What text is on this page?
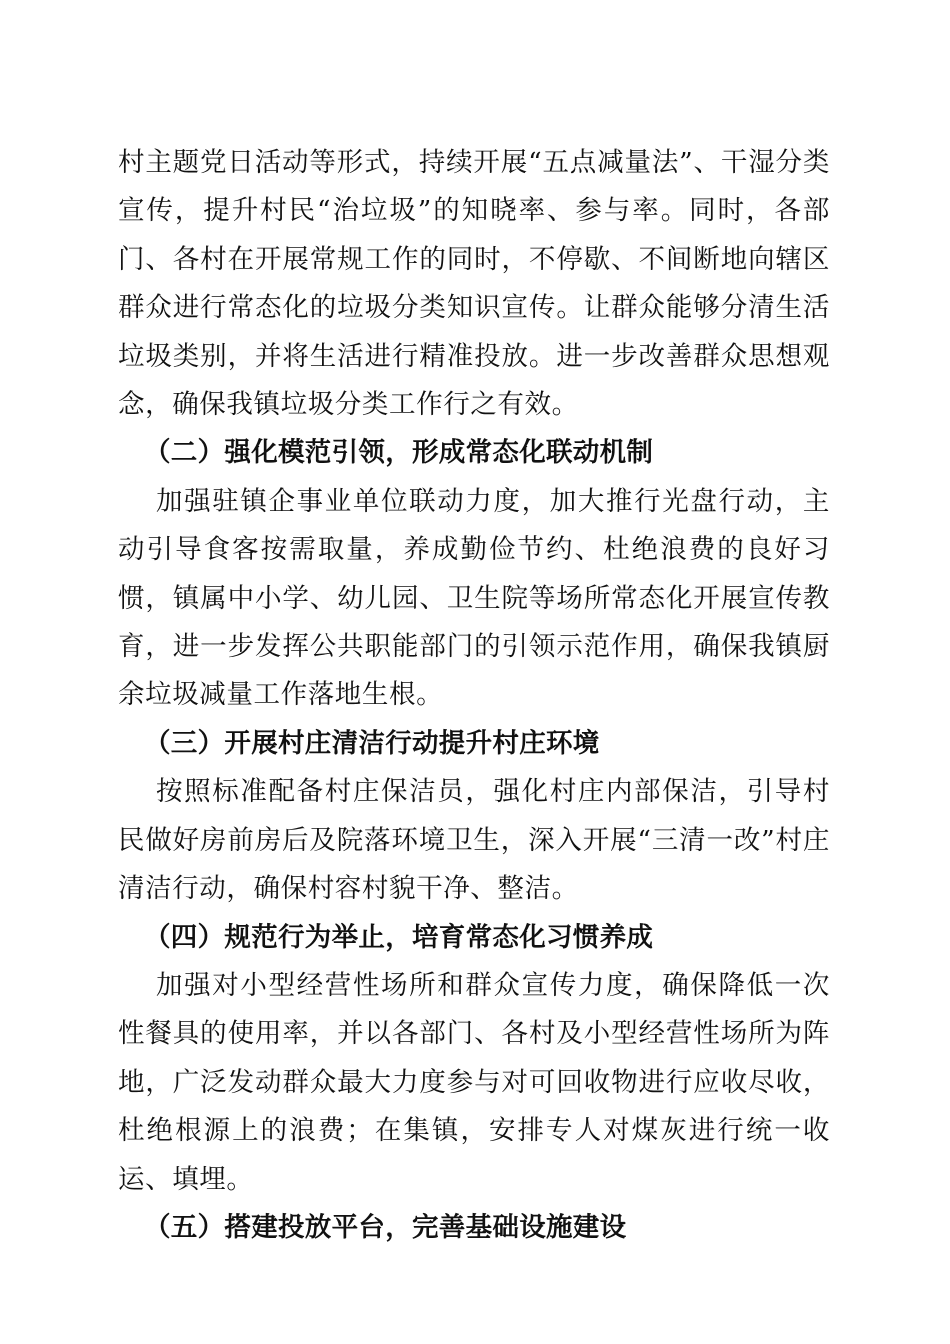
村主题党日活动等形式，持续开展“五点减量法”、干湿分类宣传，提升村民“治垃圾”的知晓率、参与率。同时，各部门、各村在开展常规工作的同时，不停歇、不间断地向辖区群众进行常态化的垃圾分类知识宣传。让群众能够分清生活垃圾类别，并将生活进行精准投放。进一步改善群众思想观念，确保我镇垃圾分类工作行之有效。

（二）强化模范引领，形成常态化联动机制

加强驻镇企事业单位联动力度，加大推行光盘行动，主动引导食客按需取量，养成勤俭节约、杜绝浪费的良好习惯，镇属中小学、幼儿园、卫生院等场所常态化开展宣传教育，进一步发挥公共职能部门的引领示范作用，确保我镇厨余垃圾减量工作落地生根。

（三）开展村庄清洁行动提升村庄环境

按照标准配备村庄保洁员，强化村庄内部保洁，引导村民做好房前房后及院落环境卫生，深入开展“三清一改”村庄清洁行动，确保村容村貌干净、整洁。

（四）规范行为举止，培育常态化习惯养成

加强对小型经营性场所和群众宣传力度，确保降低一次性餐具的使用率，并以各部门、各村及小型经营性场所为阵地，广泛发动群众最大力度参与对可回收物进行应收尽收，杜绝根源上的浪费；在集镇，安排专人对煤灰进行统一收运、填埋。

（五）搭建投放平台，完善基础设施建设
